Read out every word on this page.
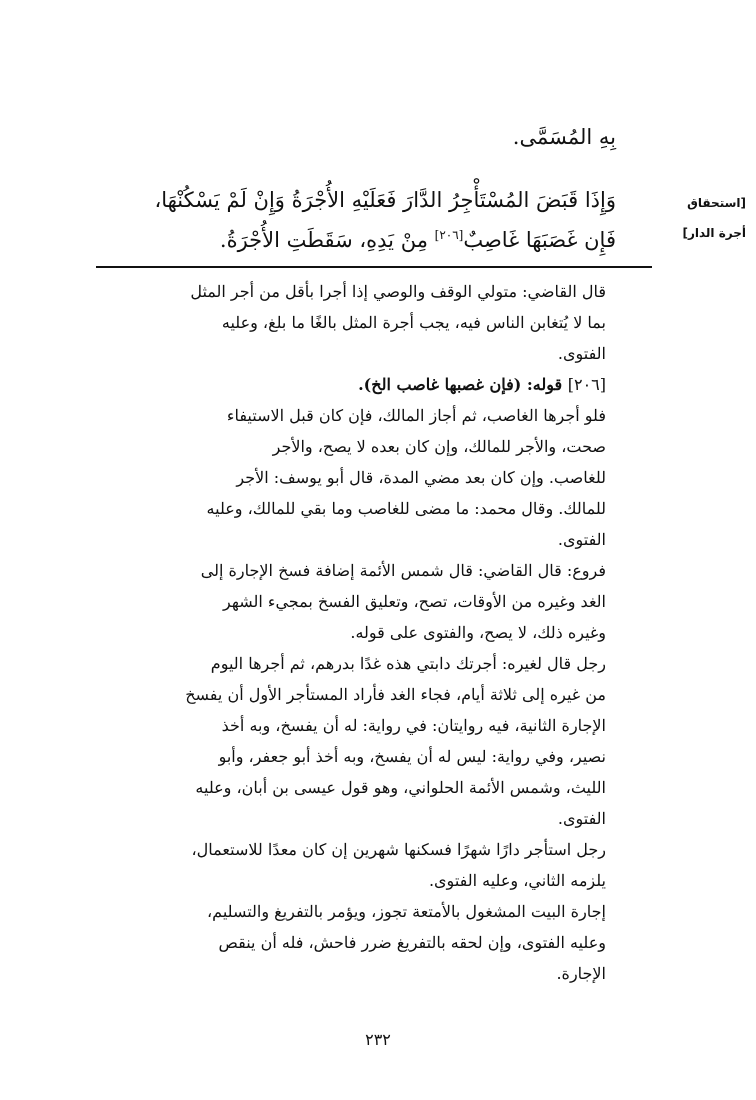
بِهِ المُسَمَّى.
وَإِذَا قَبَضَ المُسْتَأْجِرُ الدَّارَ فَعَلَيْهِ الأُجْرَةُ وَإِنْ لَمْ يَسْكُنْهَا،
فَإِن غَصَبَهَا غَاصِبٌ[٢٠٦] مِنْ يَدِهِ، سَقَطَتِ الأُجْرَةُ.
[استحقاق
أجرة الدار]
قال القاضي: متولي الوقف والوصي إذا أجرا بأقل من أجر المثل
بما لا يُتغابن الناس فيه، يجب أجرة المثل بالغًا ما بلغ، وعليه
الفتوى.
[٢٠٦] قوله: (فإن غصبها غاصب الخ).
فلو أجرها الغاصب، ثم أجاز المالك، فإن كان قبل الاستيفاء
صحت، والأجر للمالك، وإن كان بعده لا يصح، والأجر
للغاصب. وإن كان بعد مضي المدة، قال أبو يوسف: الأجر
للمالك. وقال محمد: ما مضى للغاصب وما بقي للمالك، وعليه
الفتوى.
فروع: قال القاضي: قال شمس الأئمة إضافة فسخ الإجارة إلى
الغد وغيره من الأوقات، تصح، وتعليق الفسخ بمجيء الشهر
وغيره ذلك، لا يصح، والفتوى على قوله.
رجل قال لغيره: أجرتك دابتي هذه غدًا بدرهم، ثم أجرها اليوم
من غيره إلى ثلاثة أيام، فجاء الغد فأراد المستأجر الأول أن يفسخ
الإجارة الثانية، فيه روايتان: في رواية: له أن يفسخ، وبه أخذ
نصير، وفي رواية: ليس له أن يفسخ، وبه أخذ أبو جعفر، وأبو
الليث، وشمس الأئمة الحلواني، وهو قول عيسى بن أبان، وعليه
الفتوى.
رجل استأجر دارًا شهرًا فسكنها شهرين إن كان معدًا للاستعمال،
يلزمه الثاني، وعليه الفتوى.
إجارة البيت المشغول بالأمتعة تجوز، ويؤمر بالتفريغ والتسليم،
وعليه الفتوى، وإن لحقه بالتفريغ ضرر فاحش، فله أن ينقص
الإجارة.
٢٣٢
